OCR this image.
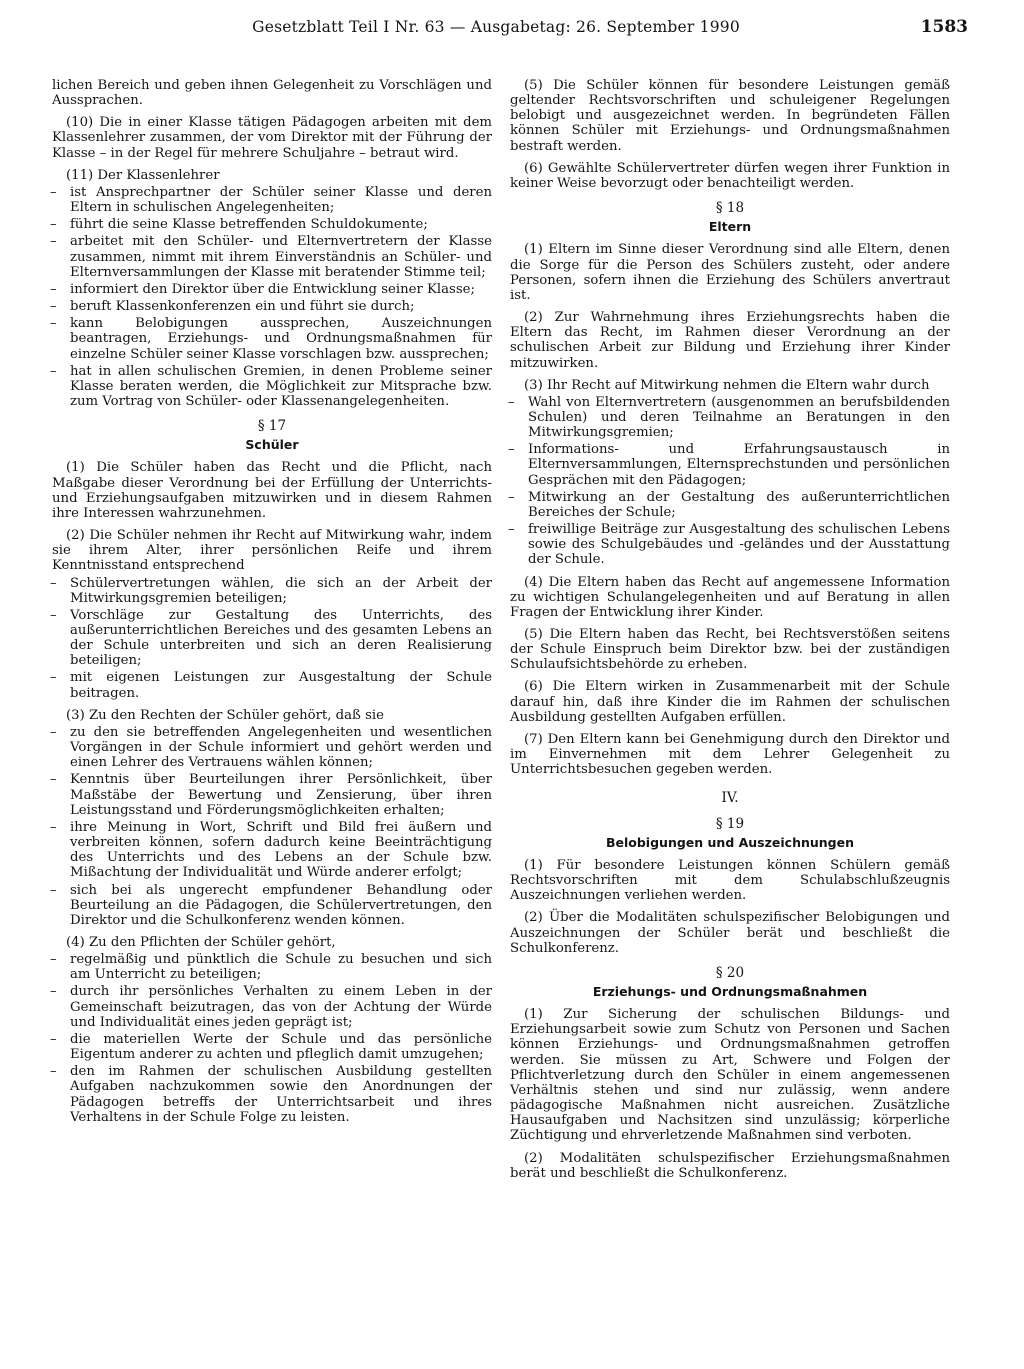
Gesetzblatt Teil I Nr. 63 — Ausgabetag: 26. September 1990	1583

lichen Bereich und geben ihnen Gelegenheit zu Vorschlägen und Aussprachen.

(10) Die in einer Klasse tätigen Pädagogen arbeiten mit dem Klassenlehrer zusammen, der vom Direktor mit der Führung der Klasse – in der Regel für mehrere Schuljahre – betraut wird.

(11) Der Klassenlehrer

– ist Ansprechpartner der Schüler seiner Klasse und deren Eltern in schulischen Angelegenheiten;
– führt die seine Klasse betreffenden Schuldokumente;
– arbeitet mit den Schüler- und Elternvertretern der Klasse zusammen, nimmt mit ihrem Einverständnis an Schüler- und Elternversammlungen der Klasse mit beratender Stimme teil;
– informiert den Direktor über die Entwicklung seiner Klasse;
– beruft Klassenkonferenzen ein und führt sie durch;
– kann Belobigungen aussprechen, Auszeichnungen beantragen, Erziehungs- und Ordnungsmaßnahmen für einzelne Schüler seiner Klasse vorschlagen bzw. aussprechen;
– hat in allen schulischen Gremien, in denen Probleme seiner Klasse beraten werden, die Möglichkeit zur Mitsprache bzw. zum Vortrag von Schüler- oder Klassenangelegenheiten.
§ 17
Schüler

(1) Die Schüler haben das Recht und die Pflicht, nach Maßgabe dieser Verordnung bei der Erfüllung der Unterrichts- und Erziehungsaufgaben mitzuwirken und in diesem Rahmen ihre Interessen wahrzunehmen.

(2) Die Schüler nehmen ihr Recht auf Mitwirkung wahr, indem sie ihrem Alter, ihrer persönlichen Reife und ihrem Kenntnisstand entsprechend

– Schülervertretungen wählen, die sich an der Arbeit der Mitwirkungsgremien beteiligen;
– Vorschläge zur Gestaltung des Unterrichts, des außerunterrichtlichen Bereiches und des gesamten Lebens an der Schule unterbreiten und sich an deren Realisierung beteiligen;
– mit eigenen Leistungen zur Ausgestaltung der Schule beitragen.

(3) Zu den Rechten der Schüler gehört, daß sie

– zu den sie betreffenden Angelegenheiten und wesentlichen Vorgängen in der Schule informiert und gehört werden und einen Lehrer des Vertrauens wählen können;
– Kenntnis über Beurteilungen ihrer Persönlichkeit, über Maßstäbe der Bewertung und Zensierung, über ihren Leistungsstand und Förderungsmöglichkeiten erhalten;
– ihre Meinung in Wort, Schrift und Bild frei äußern und verbreiten können, sofern dadurch keine Beeinträchtigung des Unterrichts und des Lebens an der Schule bzw. Mißachtung der Individualität und Würde anderer erfolgt;
– sich bei als ungerecht empfundener Behandlung oder Beurteilung an die Pädagogen, die Schülervertretungen, den Direktor und die Schulkonferenz wenden können.

(4) Zu den Pflichten der Schüler gehört,

– regelmäßig und pünktlich die Schule zu besuchen und sich am Unterricht zu beteiligen;
– durch ihr persönliches Verhalten zu einem Leben in der Gemeinschaft beizutragen, das von der Achtung der Würde und Individualität eines jeden geprägt ist;
– die materiellen Werte der Schule und das persönliche Eigentum anderer zu achten und pfleglich damit umzugehen;
– den im Rahmen der schulischen Ausbildung gestellten Aufgaben nachzukommen sowie den Anordnungen der Pädagogen betreffs der Unterrichtsarbeit und ihres Verhaltens in der Schule Folge zu leisten.

(5) Die Schüler können für besondere Leistungen gemäß geltender Rechtsvorschriften und schuleigener Regelungen belobigt und ausgezeichnet werden. In begründeten Fällen können Schüler mit Erziehungs- und Ordnungsmaßnahmen bestraft werden.

(6) Gewählte Schülervertreter dürfen wegen ihrer Funktion in keiner Weise bevorzugt oder benachteiligt werden.

§ 18
Eltern

(1) Eltern im Sinne dieser Verordnung sind alle Eltern, denen die Sorge für die Person des Schülers zusteht, oder andere Personen, sofern ihnen die Erziehung des Schülers anvertraut ist.

(2) Zur Wahrnehmung ihres Erziehungsrechts haben die Eltern das Recht, im Rahmen dieser Verordnung an der schulischen Arbeit zur Bildung und Erziehung ihrer Kinder mitzuwirken.

(3) Ihr Recht auf Mitwirkung nehmen die Eltern wahr durch

– Wahl von Elternvertretern (ausgenommen an berufsbildenden Schulen) und deren Teilnahme an Beratungen in den Mitwirkungsgremien;
– Informations- und Erfahrungsaustausch in Elternversammlungen, Elternsprechstunden und persönlichen Gesprächen mit den Pädagogen;
– Mitwirkung an der Gestaltung des außerunterrichtlichen Bereiches der Schule;
– freiwillige Beiträge zur Ausgestaltung des schulischen Lebens sowie des Schulgebäudes und -geländes und der Ausstattung der Schule.

(4) Die Eltern haben das Recht auf angemessene Information zu wichtigen Schulangelegenheiten und auf Beratung in allen Fragen der Entwicklung ihrer Kinder.

(5) Die Eltern haben das Recht, bei Rechtsverstößen seitens der Schule Einspruch beim Direktor bzw. bei der zuständigen Schulaufsichtsbehörde zu erheben.

(6) Die Eltern wirken in Zusammenarbeit mit der Schule darauf hin, daß ihre Kinder die im Rahmen der schulischen Ausbildung gestellten Aufgaben erfüllen.

(7) Den Eltern kann bei Genehmigung durch den Direktor und im Einvernehmen mit dem Lehrer Gelegenheit zu Unterrichtsbesuchen gegeben werden.

IV.
§ 19
Belobigungen und Auszeichnungen

(1) Für besondere Leistungen können Schülern gemäß Rechtsvorschriften mit dem Schulabschlußzeugnis Auszeichnungen verliehen werden.

(2) Über die Modalitäten schulspezifischer Belobigungen und Auszeichnungen der Schüler berät und beschließt die Schulkonferenz.

§ 20
Erziehungs- und Ordnungsmaßnahmen

(1) Zur Sicherung der schulischen Bildungs- und Erziehungsarbeit sowie zum Schutz von Personen und Sachen können Erziehungs- und Ordnungsmaßnahmen getroffen werden. Sie müssen zu Art, Schwere und Folgen der Pflichtverletzung durch den Schüler in einem angemessenen Verhältnis stehen und sind nur zulässig, wenn andere pädagogische Maßnahmen nicht ausreichen. Zusätzliche Hausaufgaben und Nachsitzen sind unzulässig; körperliche Züchtigung und ehrverletzende Maßnahmen sind verboten.

(2) Modalitäten schulspezifischer Erziehungsmaßnahmen berät und beschließt die Schulkonferenz.
